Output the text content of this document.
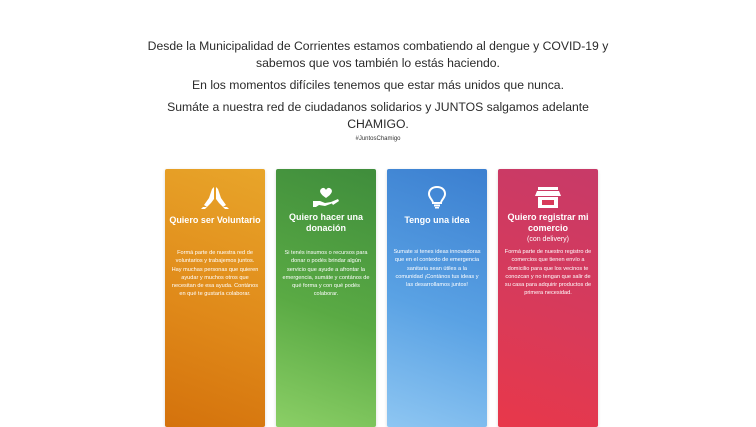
Desde la Municipalidad de Corrientes estamos combatiendo al dengue y COVID-19 y

sabemos que vos también lo estás haciendo.

En los momentos difíciles tenemos que estar más unidos que nunca.

Sumáte a nuestra red de ciudadanos solidarios y JUNTOS salgamos adelante

CHAMIGO.

#JuntosChamigo
Quiero ser Voluntario
Formá parte de nuestra red de voluntarios y trabajemos juntos. Hay muchas personas que quieren ayudar y muchos otros que necesitan de esa ayuda. Contános en qué te gustaría colaborar.
Quiero hacer una donación
Si tenés insumos o recursos para donar o podés brindar algún servicio que ayude a afrontar la emergencia, sumáte y contános de qué forma y con qué podés colaborar.
Tengo una idea
Sumate si tenes ideas innovadoras que en el contexto de emergencia sanitaria sean útiles a la comunidad ¡Contános tus ideas y las desarrollamos juntos!
Quiero registrar mi comercio
(con delivery)
Formá parte de nuestro registro de comercios que tienen envío a domicilio para que los vecinos te conozcan y no tengan que salir de su casa para adquirir productos de primera necesidad.
